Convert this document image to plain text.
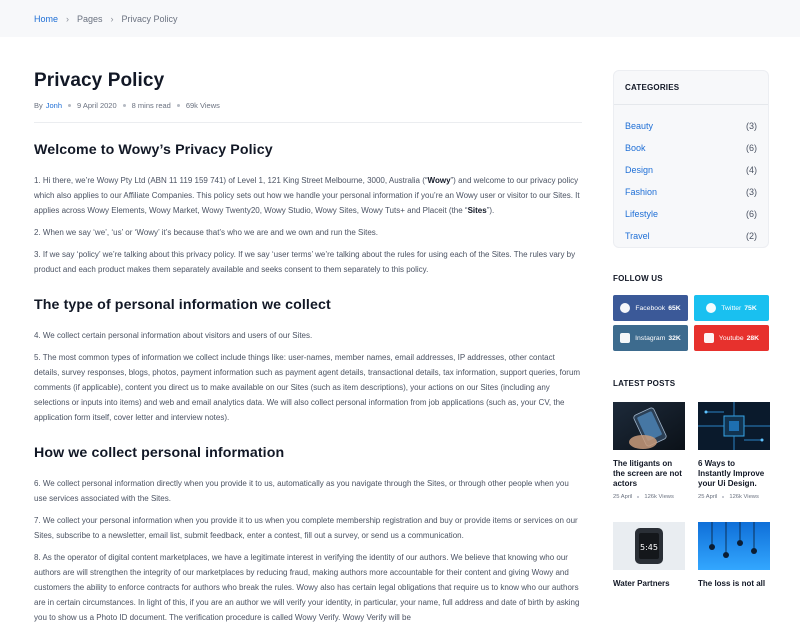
Home › Pages › Privacy Policy
Privacy Policy
By Jonh 9 April 2020 8 mins read 69k Views
Welcome to Wowy’s Privacy Policy

1. Hi there, we’re Wowy Pty Ltd (ABN 11 119 159 741) of Level 1, 121 King Street Melbourne, 3000, Australia (“Wowy”) and welcome to our privacy policy which also applies to our Affiliate Companies. This policy sets out how we handle your personal information if you’re an Wowy user or visitor to our Sites. It applies across Wowy Elements, Wowy Market, Wowy Twenty20, Wowy Studio, Wowy Sites, Wowy Tuts+ and Placeit (the “Sites”).

2. When we say ‘we’, ‘us’ or ‘Wowy’ it’s because that’s who we are and we own and run the Sites.

3. If we say ‘policy’ we’re talking about this privacy policy. If we say ‘user terms’ we’re talking about the rules for using each of the Sites. The rules vary by product and each product makes them separately available and seeks consent to them separately to this policy.

The type of personal information we collect

4. We collect certain personal information about visitors and users of our Sites.

5. The most common types of information we collect include things like: user-names, member names, email addresses, IP addresses, other contact details, survey responses, blogs, photos, payment information such as payment agent details, transactional details, tax information, support queries, forum comments (if applicable), content you direct us to make available on our Sites (such as item descriptions), your actions on our Sites (including any selections or inputs into items) and web and email analytics data. We will also collect personal information from job applications (such as, your CV, the application form itself, cover letter and interview notes).

How we collect personal information

6. We collect personal information directly when you provide it to us, automatically as you navigate through the Sites, or through other people when you use services associated with the Sites.

7. We collect your personal information when you provide it to us when you complete membership registration and buy or provide items or services on our Sites, subscribe to a newsletter, email list, submit feedback, enter a contest, fill out a survey, or send us a communication.

8. As the operator of digital content marketplaces, we have a legitimate interest in verifying the identity of our authors. We believe that knowing who our authors are will strengthen the integrity of our marketplaces by reducing fraud, making authors more accountable for their content and giving Wowy and customers the ability to enforce contracts for authors who break the rules. Wowy also has certain legal obligations that require us to know who our authors are in certain circumstances. In light of this, if you are an author we will verify your identity, in particular, your name, full address and date of birth by asking you to show us a Photo ID document. The verification procedure is called Wowy Verify. Wowy Verify will be

CATEGORIES
Beauty	(3)
Book	(6)
Design	(4)
Fashion	(3)
Lifestyle	(6)
Travel	(2)
FOLLOW US
Facebook 65K	Twitter 75K
Instagram 32K	Youtube 28K
LATEST POSTS
The litigants on the screen are not actors
25 April 126k Views
6 Ways to Instantly Improve your Ui Design.
25 April 126k Views
5:45
Water Partners	The loss is not all
